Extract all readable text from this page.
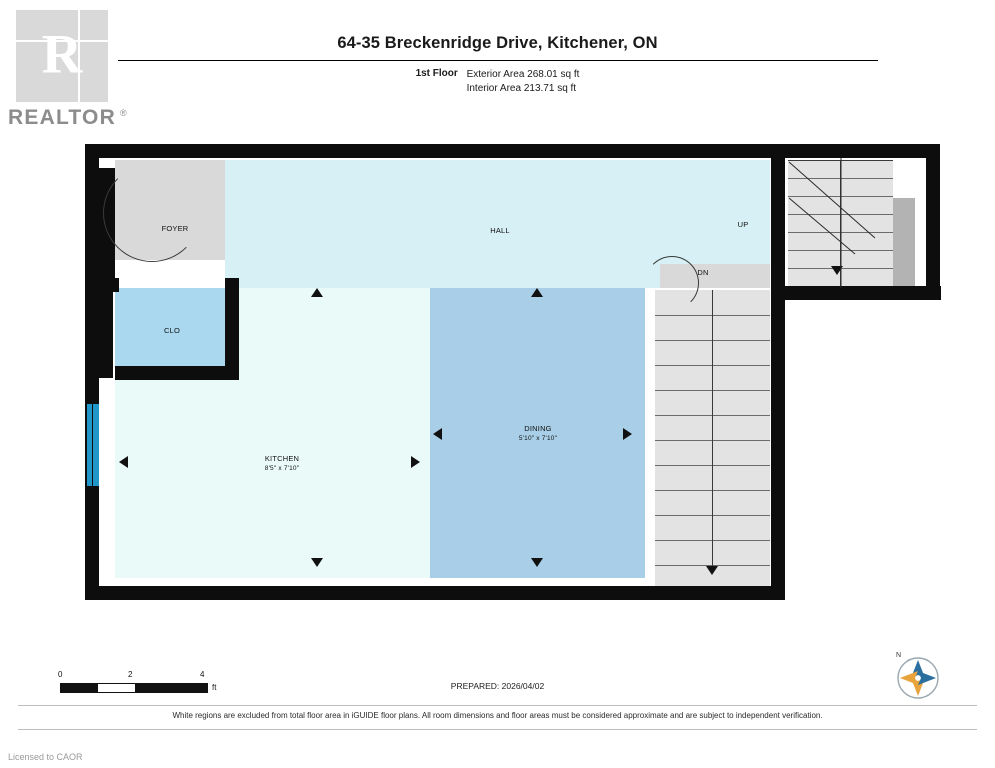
R
REALTOR ®
64-35 Breckenridge Drive, Kitchener, ON
1st Floor Exterior Area 268.01 sq ft
Interior Area 213.71 sq ft
FOYER	HALL
CLO
KITCHEN
8'5" x 7'10"
DINING
5'10" x 7'10"
UP
DN
0	2	4
ft	PREPARED: 2026/04/02
N
White regions are excluded from total floor area in iGUIDE floor plans. All room dimensions and floor areas must be considered approximate and are subject to independent verification.
Licensed to CAOR
